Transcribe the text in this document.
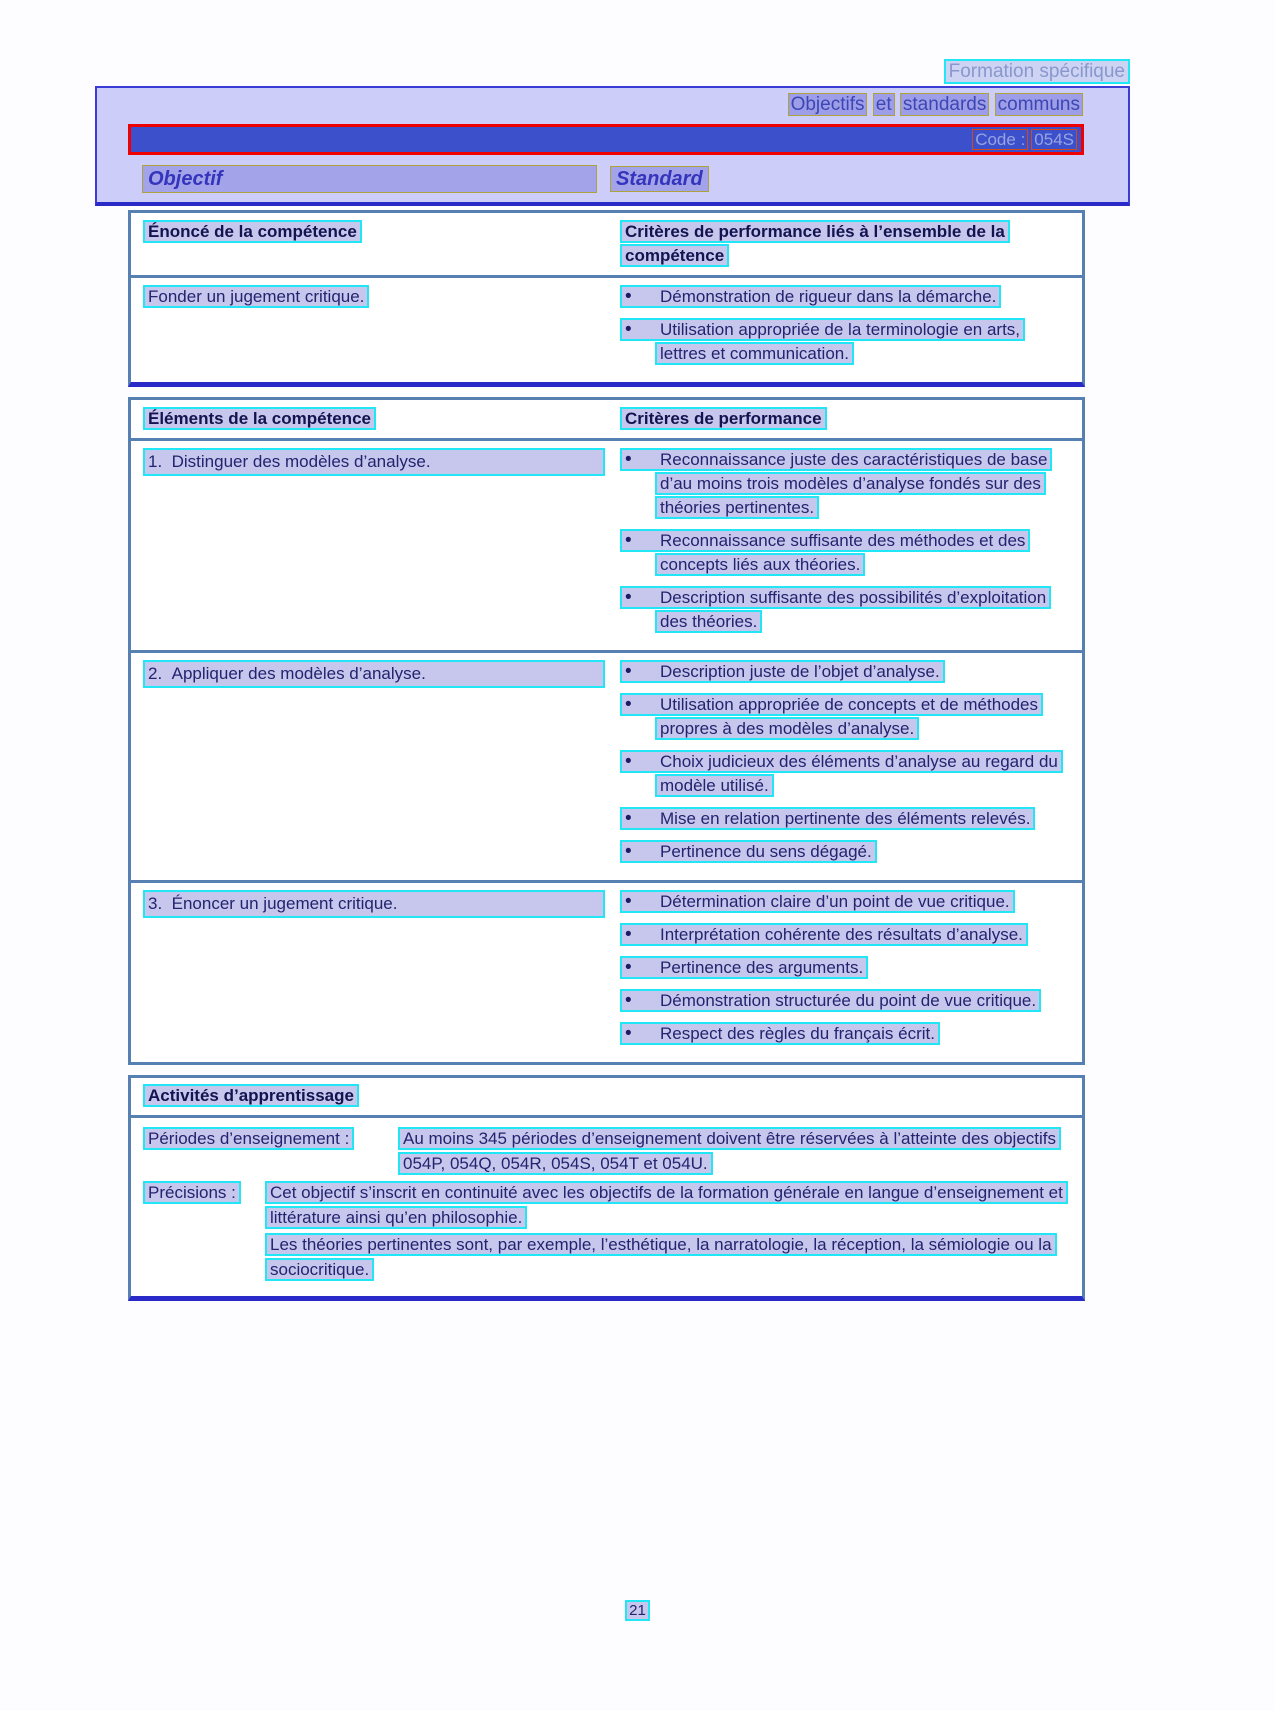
Formation spécifique
Objectifs et standards communs
Code : 054S
Objectif	Standard
Énoncé de la compétence	Critères de performance liés à l’ensemble de la compétence
Fonder un jugement critique.	• Démonstration de rigueur dans la démarche.
• Utilisation appropriée de la terminologie en arts, lettres et communication.
Éléments de la compétence	Critères de performance
1.  Distinguer des modèles d’analyse.	• Reconnaissance juste des caractéristiques de base d’au moins trois modèles d’analyse fondés sur des théories pertinentes.
• Reconnaissance suffisante des méthodes et des concepts liés aux théories.
• Description suffisante des possibilités d’exploitation des théories.
2.  Appliquer des modèles d’analyse.	• Description juste de l’objet d’analyse.
• Utilisation appropriée de concepts et de méthodes propres à des modèles d’analyse.
• Choix judicieux des éléments d’analyse au regard du modèle utilisé.
• Mise en relation pertinente des éléments relevés.
• Pertinence du sens dégagé.
3.  Énoncer un jugement critique.	• Détermination claire d’un point de vue critique.
• Interprétation cohérente des résultats d’analyse.
• Pertinence des arguments.
• Démonstration structurée du point de vue critique.
• Respect des règles du français écrit.
Activités d’apprentissage
Périodes d’enseignement :	Au moins 345 périodes d’enseignement doivent être réservées à l’atteinte des objectifs 054P, 054Q, 054R, 054S, 054T et 054U.
Précisions :	Cet objectif s’inscrit en continuité avec les objectifs de la formation générale en langue d’enseignement et littérature ainsi qu’en philosophie.

Les théories pertinentes sont, par exemple, l’esthétique, la narratologie, la réception, la sémiologie ou la sociocritique.

21
